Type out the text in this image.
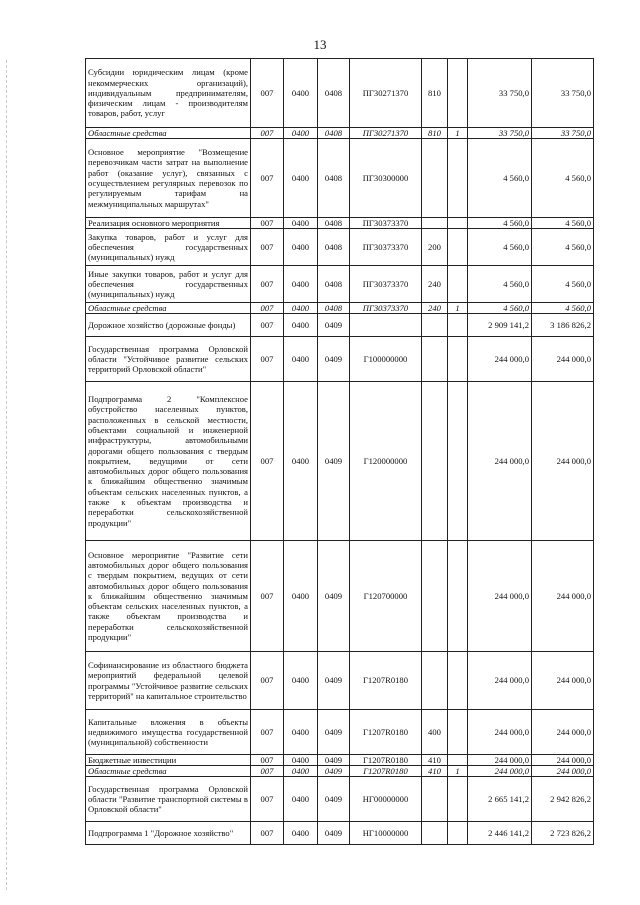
13
Субсидии юридическим лицам (кроме некоммерческих организаций), индивидуальным предпринимателям, физическим лицам - производителям товаров, работ, услуг	007	0400	0408	ПГ30271370	810		33 750,0	33 750,0
Областные средства	007	0400	0408	ПГ30271370	810	1	33 750,0	33 750,0
Основное мероприятие "Возмещение перевозчикам части затрат на выполнение работ (оказание услуг), связанных с осуществлением регулярных перевозок по регулируемым тарифам на межмуниципальных маршрутах"	007	0400	0408	ПГ30300000			4 560,0	4 560,0
Реализация основного мероприятия	007	0400	0408	ПГ30373370			4 560,0	4 560,0
Закупка товаров, работ и услуг для обеспечения государственных (муниципальных) нужд	007	0400	0408	ПГ30373370	200		4 560,0	4 560,0
Иные закупки товаров, работ и услуг для обеспечения государственных (муниципальных) нужд	007	0400	0408	ПГ30373370	240		4 560,0	4 560,0
Областные средства	007	0400	0408	ПГ30373370	240	1	4 560,0	4 560,0
Дорожное хозяйство (дорожные фонды)	007	0400	0409				2 909 141,2	3 186 826,2
Государственная программа Орловской области "Устойчивое развитие сельских территорий Орловской области"	007	0400	0409	Г100000000			244 000,0	244 000,0
Подпрограмма 2 "Комплексное обустройство населенных пунктов, расположенных в сельской местности, объектами социальной и инженерной инфраструктуры, автомобильными дорогами общего пользования с твердым покрытием, ведущими от сети автомобильных дорог общего пользования к ближайшим общественно значимым объектам сельских населенных пунктов, а также к объектам производства и переработки сельскохозяйственной продукции"	007	0400	0409	Г120000000			244 000,0	244 000,0
Основное мероприятие "Развитие сети автомобильных дорог общего пользования с твердым покрытием, ведущих от сети автомобильных дорог общего пользования к ближайшим общественно значимым объектам сельских населенных пунктов, а также объектам производства и переработки сельскохозяйственной продукции"	007	0400	0409	Г120700000			244 000,0	244 000,0
Софинансирование из областного бюджета мероприятий федеральной целевой программы "Устойчивое развитие сельских территорий" на капитальное строительство	007	0400	0409	Г1207R0180			244 000,0	244 000,0
Капитальные вложения в объекты недвижимого имущества государственной (муниципальной) собственности	007	0400	0409	Г1207R0180	400		244 000,0	244 000,0
Бюджетные инвестиции	007	0400	0409	Г1207R0180	410		244 000,0	244 000,0
Областные средства	007	0400	0409	Г1207R0180	410	1	244 000,0	244 000,0
Государственная программа Орловской области "Развитие транспортной системы в Орловской области"	007	0400	0409	НГ00000000			2 665 141,2	2 942 826,2
Подпрограмма 1 "Дорожное хозяйство"	007	0400	0409	НГ10000000			2 446 141,2	2 723 826,2
